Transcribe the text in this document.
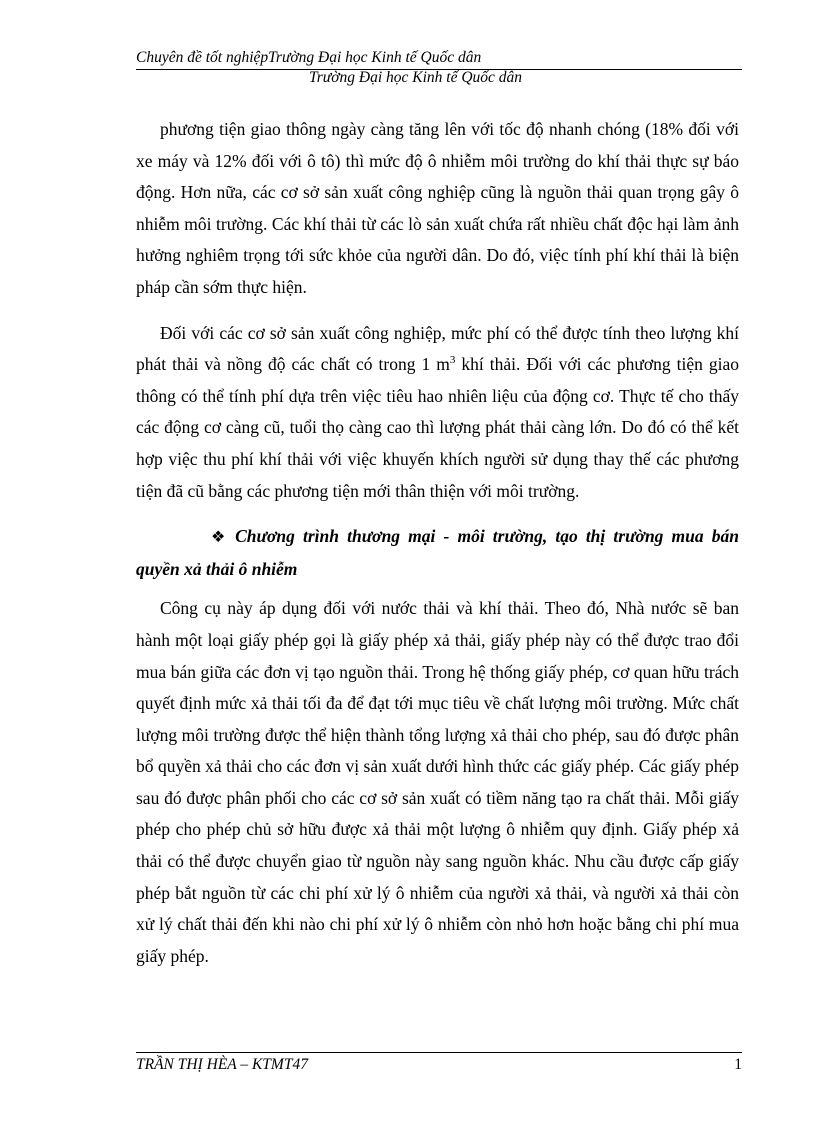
Chuyên đề tốt nghiệpTrường Đại học Kinh tế Quốc dân
Trường Đại học Kinh tế Quốc dân

phương tiện giao thông ngày càng tăng lên với tốc độ nhanh chóng (18% đối với xe máy và 12% đối với ô tô) thì mức độ ô nhiễm môi trường do khí thải thực sự báo động. Hơn nữa, các cơ sở sản xuất công nghiệp cũng là nguồn thải quan trọng gây ô nhiễm môi trường. Các khí thải từ các lò sản xuất chứa rất nhiều chất độc hại làm ảnh hưởng nghiêm trọng tới sức khỏe của người dân. Do đó, việc tính phí khí thải là biện pháp cần sớm thực hiện.

Đối với các cơ sở sản xuất công nghiệp, mức phí có thể được tính theo lượng khí phát thải và nồng độ các chất có trong 1 $m^3$ khí thải. Đối với các phương tiện giao thông có thể tính phí dựa trên việc tiêu hao nhiên liệu của động cơ. Thực tế cho thấy các động cơ càng cũ, tuổi thọ càng cao thì lượng phát thải càng lớn. Do đó có thể kết hợp việc thu phí khí thải với việc khuyến khích người sử dụng thay thế các phương tiện đã cũ bằng các phương tiện mới thân thiện với môi trường.

❖ Chương trình thương mại - môi trường, tạo thị trường mua bán quyền xả thải ô nhiễm

Công cụ này áp dụng đối với nước thải và khí thải. Theo đó, Nhà nước sẽ ban hành một loại giấy phép gọi là giấy phép xả thải, giấy phép này có thể được trao đổi mua bán giữa các đơn vị tạo nguồn thải. Trong hệ thống giấy phép, cơ quan hữu trách quyết định mức xả thải tối đa để đạt tới mục tiêu về chất lượng môi trường. Mức chất lượng môi trường được thể hiện thành tổng lượng xả thải cho phép, sau đó được phân bổ quyền xả thải cho các đơn vị sản xuất dưới hình thức các giấy phép. Các giấy phép sau đó được phân phối cho các cơ sở sản xuất có tiềm năng tạo ra chất thải. Mỗi giấy phép cho phép chủ sở hữu được xả thải một lượng ô nhiễm quy định. Giấy phép xả thải có thể được chuyển giao từ nguồn này sang nguồn khác. Nhu cầu được cấp giấy phép bắt nguồn từ các chi phí xử lý ô nhiễm của người xả thải, và người xả thải còn xử lý chất thải đến khi nào chi phí xử lý ô nhiễm còn nhỏ hơn hoặc bằng chi phí mua giấy phép.

TRẦN THỊ HÈA – KTMT47	1
